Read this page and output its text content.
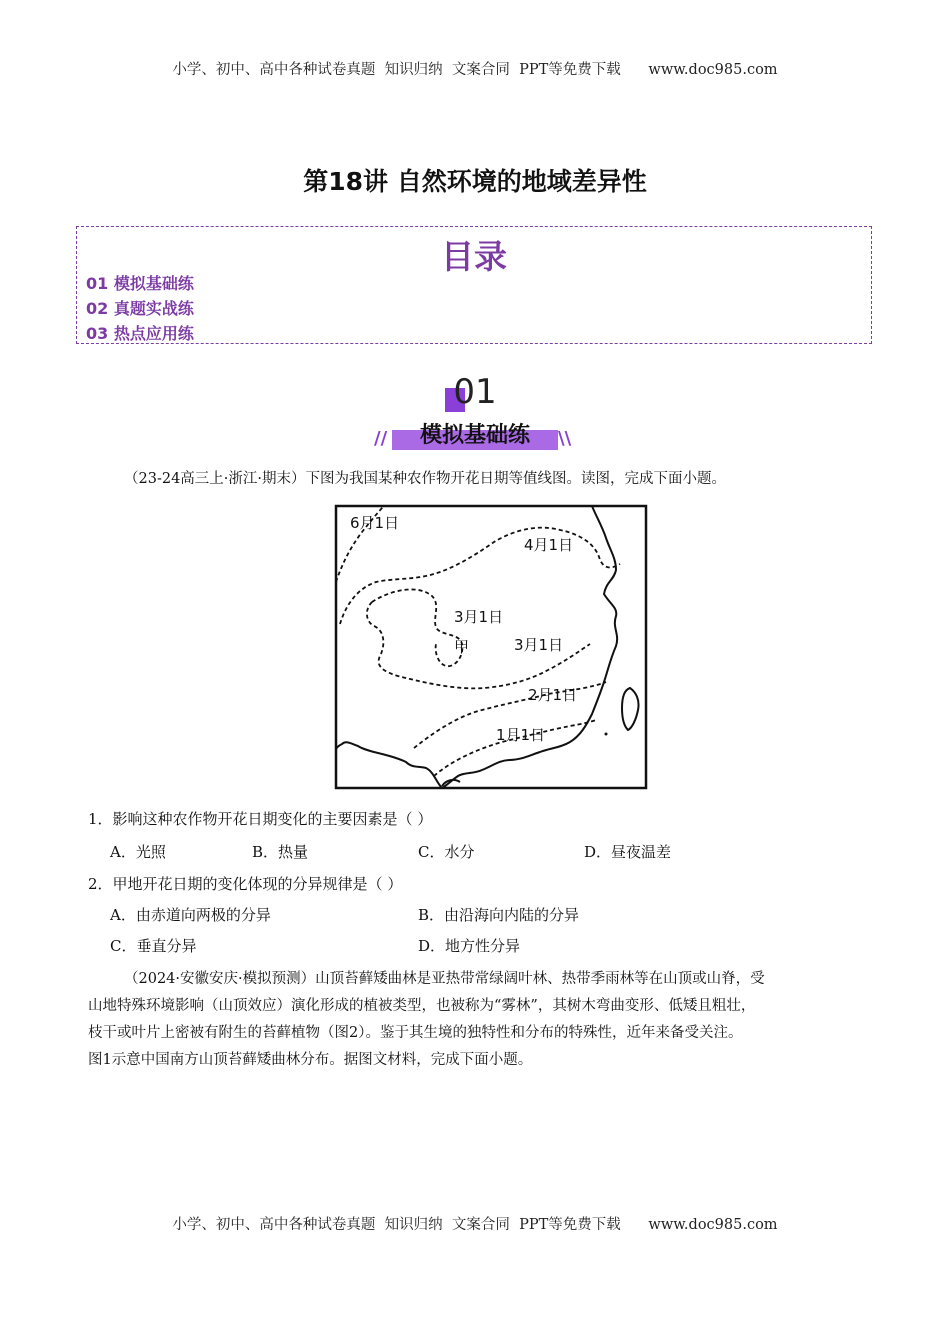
小学、初中、高中各种试卷真题  知识归纳  文案合同  PPT等免费下载      www.doc985.com
第18讲 自然环境的地域差异性
目录
01 模拟基础练
02 真题实战练
03 热点应用练
01
//	\\
模拟基础练
（23-24高三上·浙江·期末）下图为我国某种农作物开花日期等值线图。读图，完成下面小题。
6月1日
4月1日
3月1日
甲	3月1日
2月1日
1月1日
1．影响这种农作物开花日期变化的主要因素是（ ）
A．光照	B．热量	C．水分	D．昼夜温差
2．甲地开花日期的变化体现的分异规律是（ ）
A．由赤道向两极的分异	B．由沿海向内陆的分异
C．垂直分异	D．地方性分异
（2024·安徽安庆·模拟预测）山顶苔藓矮曲林是亚热带常绿阔叶林、热带季雨林等在山顶或山脊，受
山地特殊环境影响（山顶效应）演化形成的植被类型，也被称为“雾林”，其树木弯曲变形、低矮且粗壮，
枝干或叶片上密被有附生的苔藓植物（图2）。鉴于其生境的独特性和分布的特殊性，近年来备受关注。
图1示意中国南方山顶苔藓矮曲林分布。据图文材料，完成下面小题。
小学、初中、高中各种试卷真题  知识归纳  文案合同  PPT等免费下载      www.doc985.com
